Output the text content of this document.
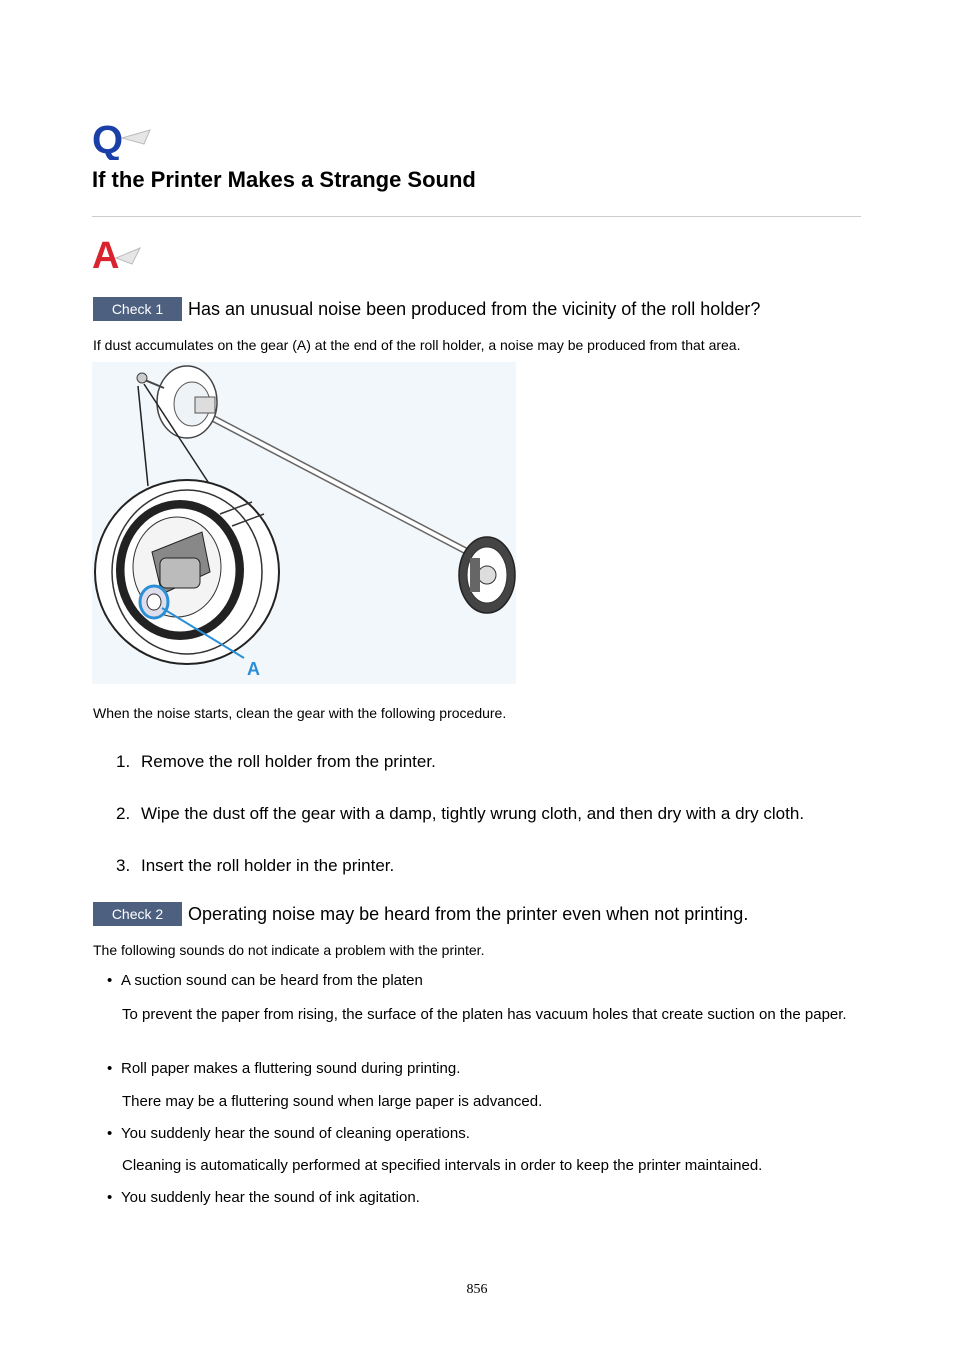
Q
If the Printer Makes a Strange Sound
A
Check 1	Has an unusual noise been produced from the vicinity of the roll holder?
If dust accumulates on the gear (A) at the end of the roll holder, a noise may be produced from that area.
A
When the noise starts, clean the gear with the following procedure.
1. Remove the roll holder from the printer.
2. Wipe the dust off the gear with a damp, tightly wrung cloth, and then dry with a dry cloth.
3. Insert the roll holder in the printer.
Check 2	Operating noise may be heard from the printer even when not printing.
The following sounds do not indicate a problem with the printer.
• A suction sound can be heard from the platen
To prevent the paper from rising, the surface of the platen has vacuum holes that create suction on the paper.
• Roll paper makes a fluttering sound during printing.
There may be a fluttering sound when large paper is advanced.
• You suddenly hear the sound of cleaning operations.
Cleaning is automatically performed at specified intervals in order to keep the printer maintained.
• You suddenly hear the sound of ink agitation.
856
